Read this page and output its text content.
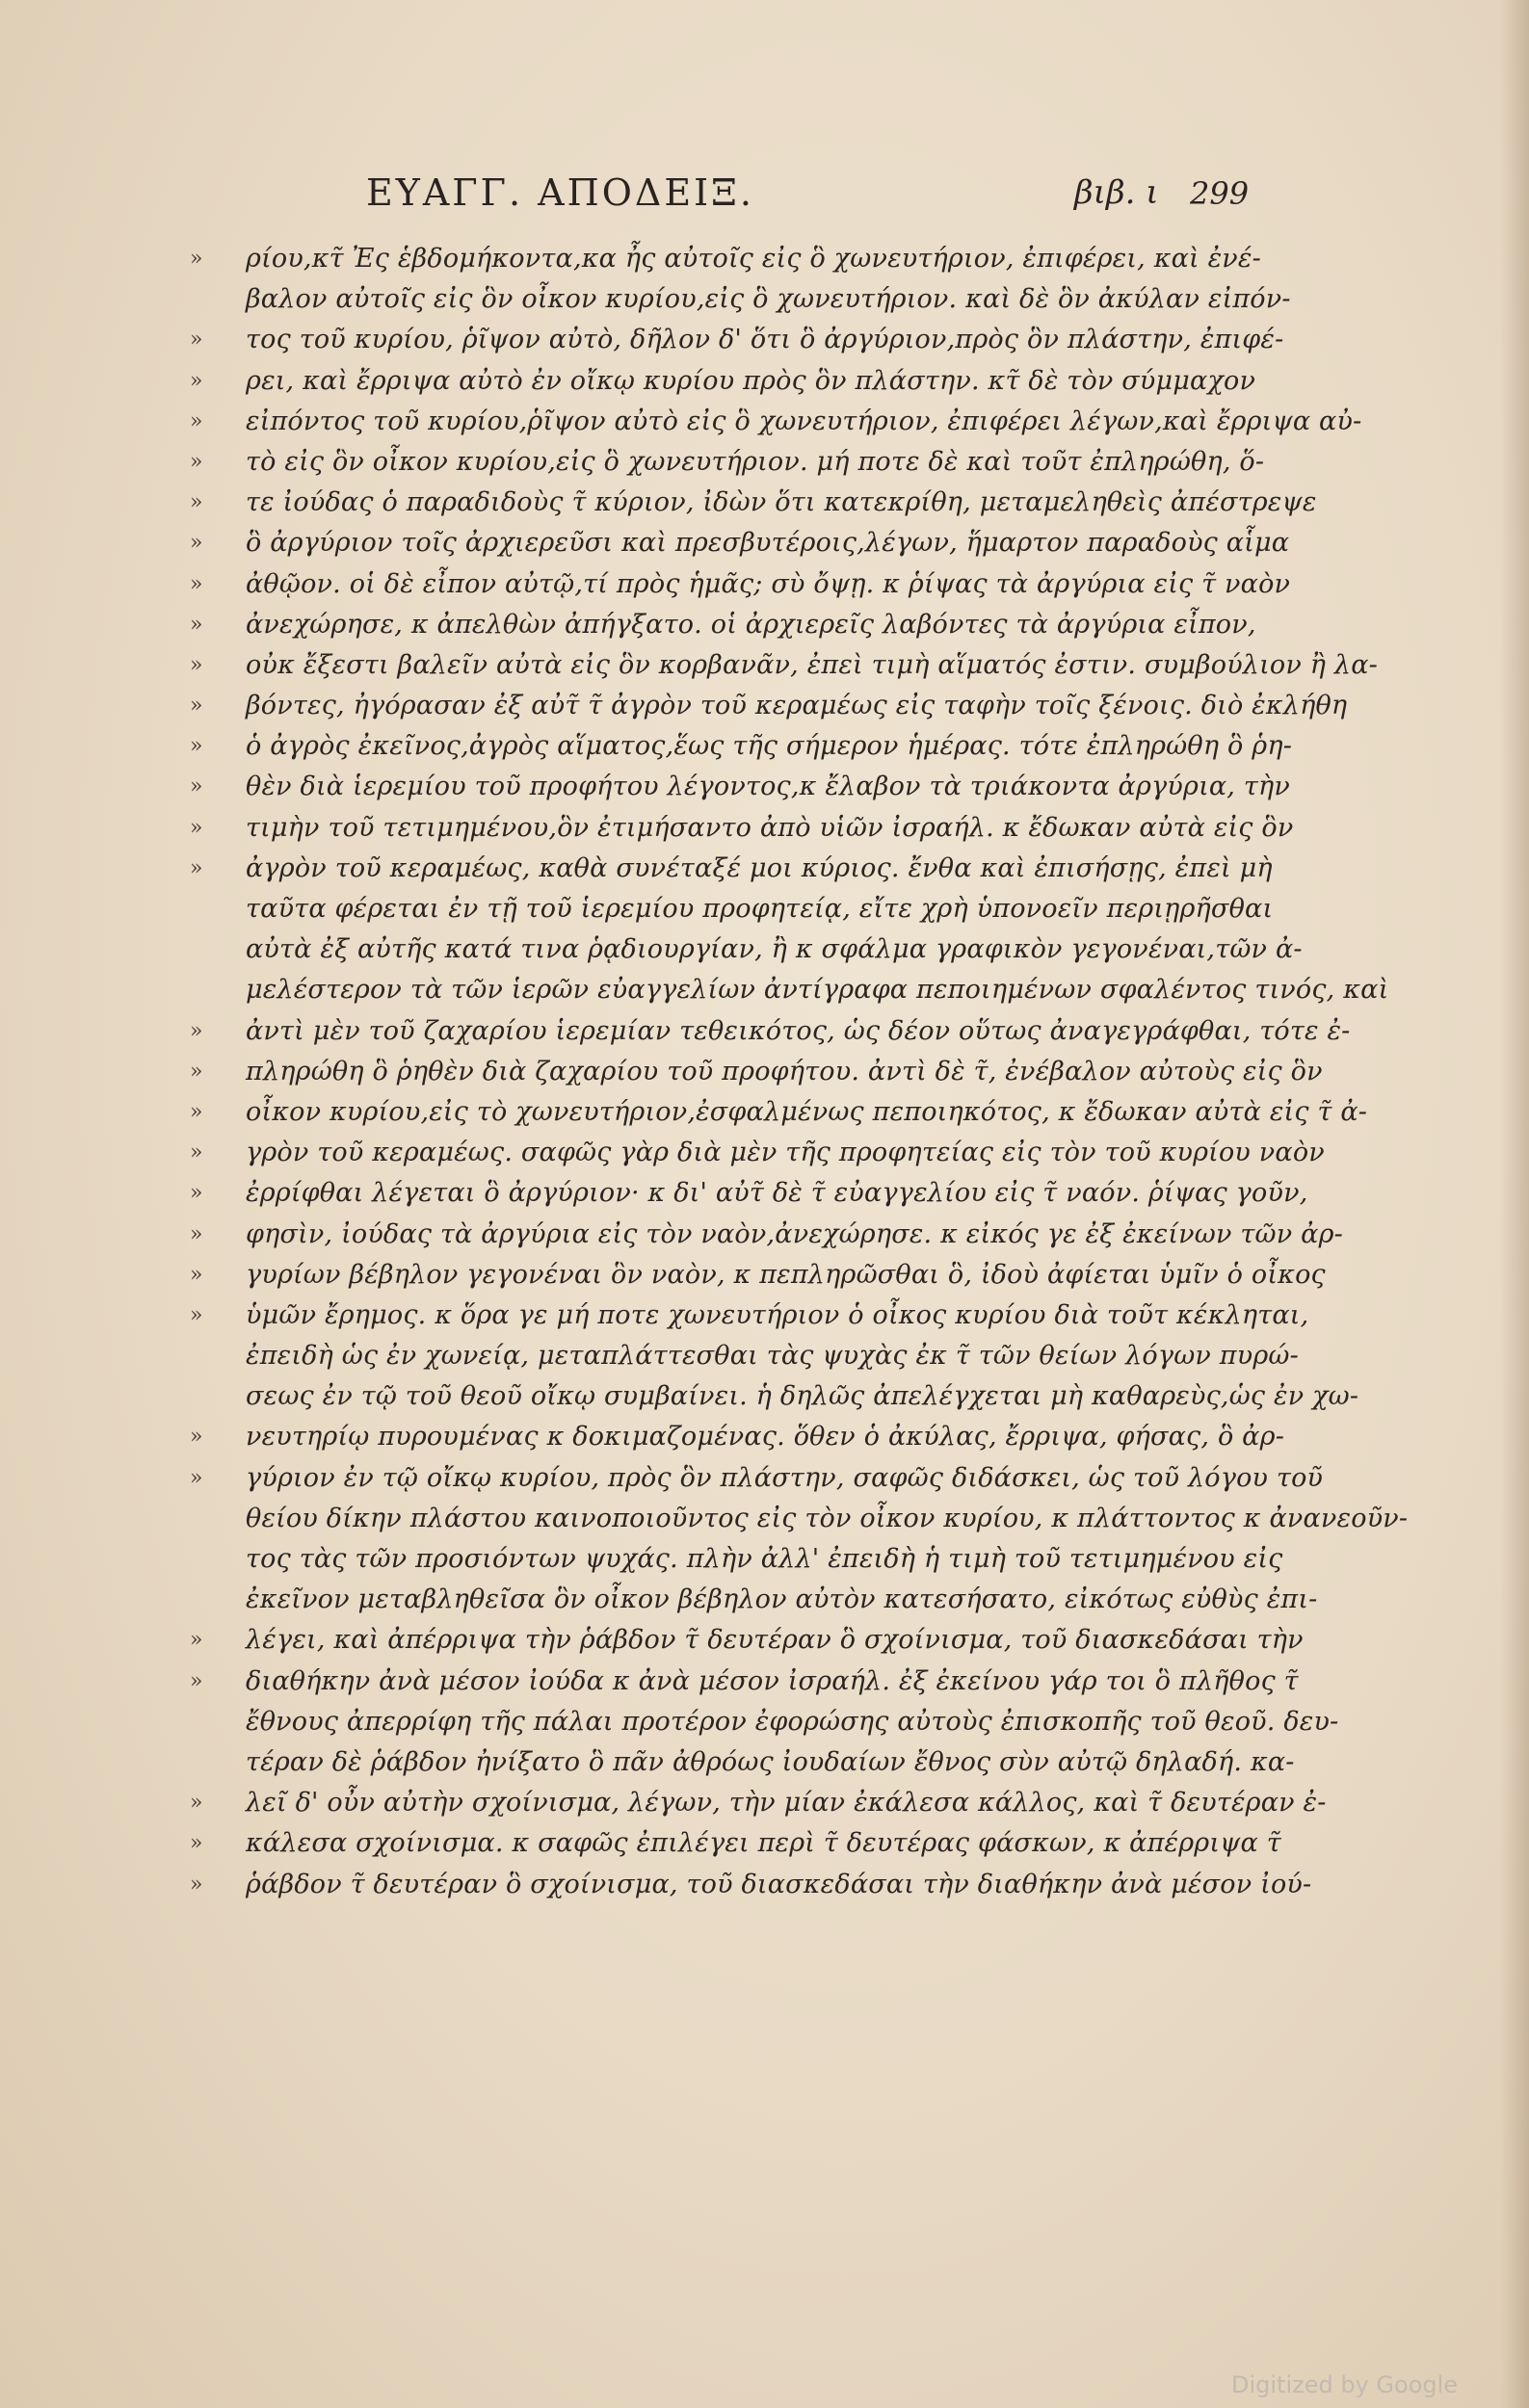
ΕΥΑΓΓ. ΑΠΟΔΕΙΞ.	βιβ. ι 299
» ρίου,κτ̃ Ἐς ἑβδομήκοντα,κα ἦς αὐτοῖς εἰς ὃ χωνευτήριον, ἐπιφέρει, καὶ ἐνέ-
βαλον αὐτοῖς εἰς ὃν οἶκον κυρίου,εἰς ὃ χωνευτήριον. καὶ δὲ ὃν ἀκύλαν εἰπόν-
» τος τοῦ κυρίου, ῥῖψον αὐτὸ, δῆλον δ' ὅτι ὃ ἀργύριον,πρὸς ὃν πλάστην, ἐπιφέ-
» ρει, καὶ ἔρριψα αὐτὸ ἐν οἴκῳ κυρίου πρὸς ὃν πλάστην. κτ̃ δὲ τὸν σύμμαχον
» εἰπόντος τοῦ κυρίου,ῥῖψον αὐτὸ εἰς ὃ χωνευτήριον, ἐπιφέρει λέγων,καὶ ἔρριψα αὐ-
» τὸ εἰς ὃν οἶκον κυρίου,εἰς ὃ χωνευτήριον. μή ποτε δὲ καὶ τοῦτ ἐπληρώθη, ὅ-
» τε ἰούδας ὁ παραδιδοὺς τ̃ κύριον, ἰδὼν ὅτι κατεκρίθη, μεταμεληθεὶς ἀπέστρεψε
» ὃ ἀργύριον τοῖς ἀρχιερεῦσι καὶ πρεσβυτέροις,λέγων, ἥμαρτον παραδοὺς αἷμα
» ἀθῷον. οἱ δὲ εἶπον αὐτῷ,τί πρὸς ἡμᾶς; σὺ ὄψῃ. κ ῥίψας τὰ ἀργύρια εἰς τ̃ ναὸν
» ἀνεχώρησε, κ ἀπελθὼν ἀπήγξατο. οἱ ἀρχιερεῖς λαβόντες τὰ ἀργύρια εἶπον,
» οὐκ ἔξεστι βαλεῖν αὐτὰ εἰς ὃν κορβανᾶν, ἐπεὶ τιμὴ αἵματός ἐστιν. συμβούλιον ἢ λα-
» βόντες, ἠγόρασαν ἐξ αὐτ̃ τ̃ ἀγρὸν τοῦ κεραμέως εἰς ταφὴν τοῖς ξένοις. διὸ ἐκλήθη
» ὁ ἀγρὸς ἐκεῖνος,ἀγρὸς αἵματος,ἕως τῆς σήμερον ἡμέρας. τότε ἐπληρώθη ὃ ῥη-
» θὲν διὰ ἱερεμίου τοῦ προφήτου λέγοντος,κ ἔλαβον τὰ τριάκοντα ἀργύρια, τὴν
» τιμὴν τοῦ τετιμημένου,ὃν ἐτιμήσαντο ἀπὸ υἱῶν ἰσραήλ. κ ἔδωκαν αὐτὰ εἰς ὃν
» ἀγρὸν τοῦ κεραμέως, καθὰ συνέταξέ μοι κύριος. ἔνθα καὶ ἐπισήσῃς, ἐπεὶ μὴ
ταῦτα φέρεται ἐν τῇ τοῦ ἱερεμίου προφητείᾳ, εἴτε χρὴ ὑπονοεῖν περιῃρῆσθαι
αὐτὰ ἐξ αὐτῆς κατά τινα ῥᾳδιουργίαν, ἢ κ σφάλμα γραφικὸν γεγονέναι,τῶν ἀ-
μελέστερον τὰ τῶν ἱερῶν εὐαγγελίων ἀντίγραφα πεποιημένων σφαλέντος τινός, καὶ
» ἀντὶ μὲν τοῦ ζαχαρίου ἱερεμίαν τεθεικότος, ὡς δέον οὕτως ἀναγεγράφθαι, τότε ἐ-
» πληρώθη ὃ ῥηθὲν διὰ ζαχαρίου τοῦ προφήτου. ἀντὶ δὲ τ̃, ἐνέβαλον αὐτοὺς εἰς ὃν
» οἶκον κυρίου,εἰς τὸ χωνευτήριον,ἐσφαλμένως πεποιηκότος, κ ἔδωκαν αὐτὰ εἰς τ̃ ἀ-
» γρὸν τοῦ κεραμέως. σαφῶς γὰρ διὰ μὲν τῆς προφητείας εἰς τὸν τοῦ κυρίου ναὸν
» ἐρρίφθαι λέγεται ὃ ἀργύριον· κ δι' αὐτ̃ δὲ τ̃ εὐαγγελίου εἰς τ̃ ναόν. ῥίψας γοῦν,
» φησὶν, ἰούδας τὰ ἀργύρια εἰς τὸν ναὸν,ἀνεχώρησε. κ εἰκός γε ἐξ ἐκείνων τῶν ἀρ-
» γυρίων βέβηλον γεγονέναι ὃν ναὸν, κ πεπληρῶσθαι ὃ, ἰδοὺ ἀφίεται ὑμῖν ὁ οἶκος
» ὑμῶν ἔρημος. κ ὅρα γε μή ποτε χωνευτήριον ὁ οἶκος κυρίου διὰ τοῦτ κέκληται,
ἐπειδὴ ὡς ἐν χωνείᾳ, μεταπλάττεσθαι τὰς ψυχὰς ἐκ τ̃ τῶν θείων λόγων πυρώ-
σεως ἐν τῷ τοῦ θεοῦ οἴκῳ συμβαίνει. ἡ δηλῶς ἀπελέγχεται μὴ καθαρεὺς,ὡς ἐν χω-
» νευτηρίῳ πυρουμένας κ δοκιμαζομένας. ὅθεν ὁ ἀκύλας, ἔρριψα, φήσας, ὃ ἀρ-
» γύριον ἐν τῷ οἴκῳ κυρίου, πρὸς ὃν πλάστην, σαφῶς διδάσκει, ὡς τοῦ λόγου τοῦ
θείου δίκην πλάστου καινοποιοῦντος εἰς τὸν οἶκον κυρίου, κ πλάττοντος κ ἀνανεοῦν-
τος τὰς τῶν προσιόντων ψυχάς. πλὴν ἀλλ' ἐπειδὴ ἡ τιμὴ τοῦ τετιμημένου εἰς
ἐκεῖνον μεταβληθεῖσα ὃν οἶκον βέβηλον αὐτὸν κατεσήσατο, εἰκότως εὐθὺς ἐπι-
» λέγει, καὶ ἀπέρριψα τὴν ῥάβδον τ̃ δευτέραν ὃ σχοίνισμα, τοῦ διασκεδάσαι τὴν
» διαθήκην ἀνὰ μέσον ἰούδα κ ἀνὰ μέσον ἰσραήλ. ἐξ ἐκείνου γάρ τοι ὃ πλῆθος τ̃
ἔθνους ἀπερρίφη τῆς πάλαι προτέρον ἐφορώσης αὐτοὺς ἐπισκοπῆς τοῦ θεοῦ. δευ-
τέραν δὲ ῥάβδον ἠνίξατο ὃ πᾶν ἀθρόως ἰουδαίων ἔθνος σὺν αὐτῷ δηλαδή. κα-
» λεῖ δ' οὖν αὐτὴν σχοίνισμα, λέγων, τὴν μίαν ἐκάλεσα κάλλος, καὶ τ̃ δευτέραν ἐ-
» κάλεσα σχοίνισμα. κ σαφῶς ἐπιλέγει περὶ τ̃ δευτέρας φάσκων, κ ἀπέρριψα τ̃
» ῥάβδον τ̃ δευτέραν ὃ σχοίνισμα, τοῦ διασκεδάσαι τὴν διαθήκην ἀνὰ μέσον ἰού-
Digitized by Google
